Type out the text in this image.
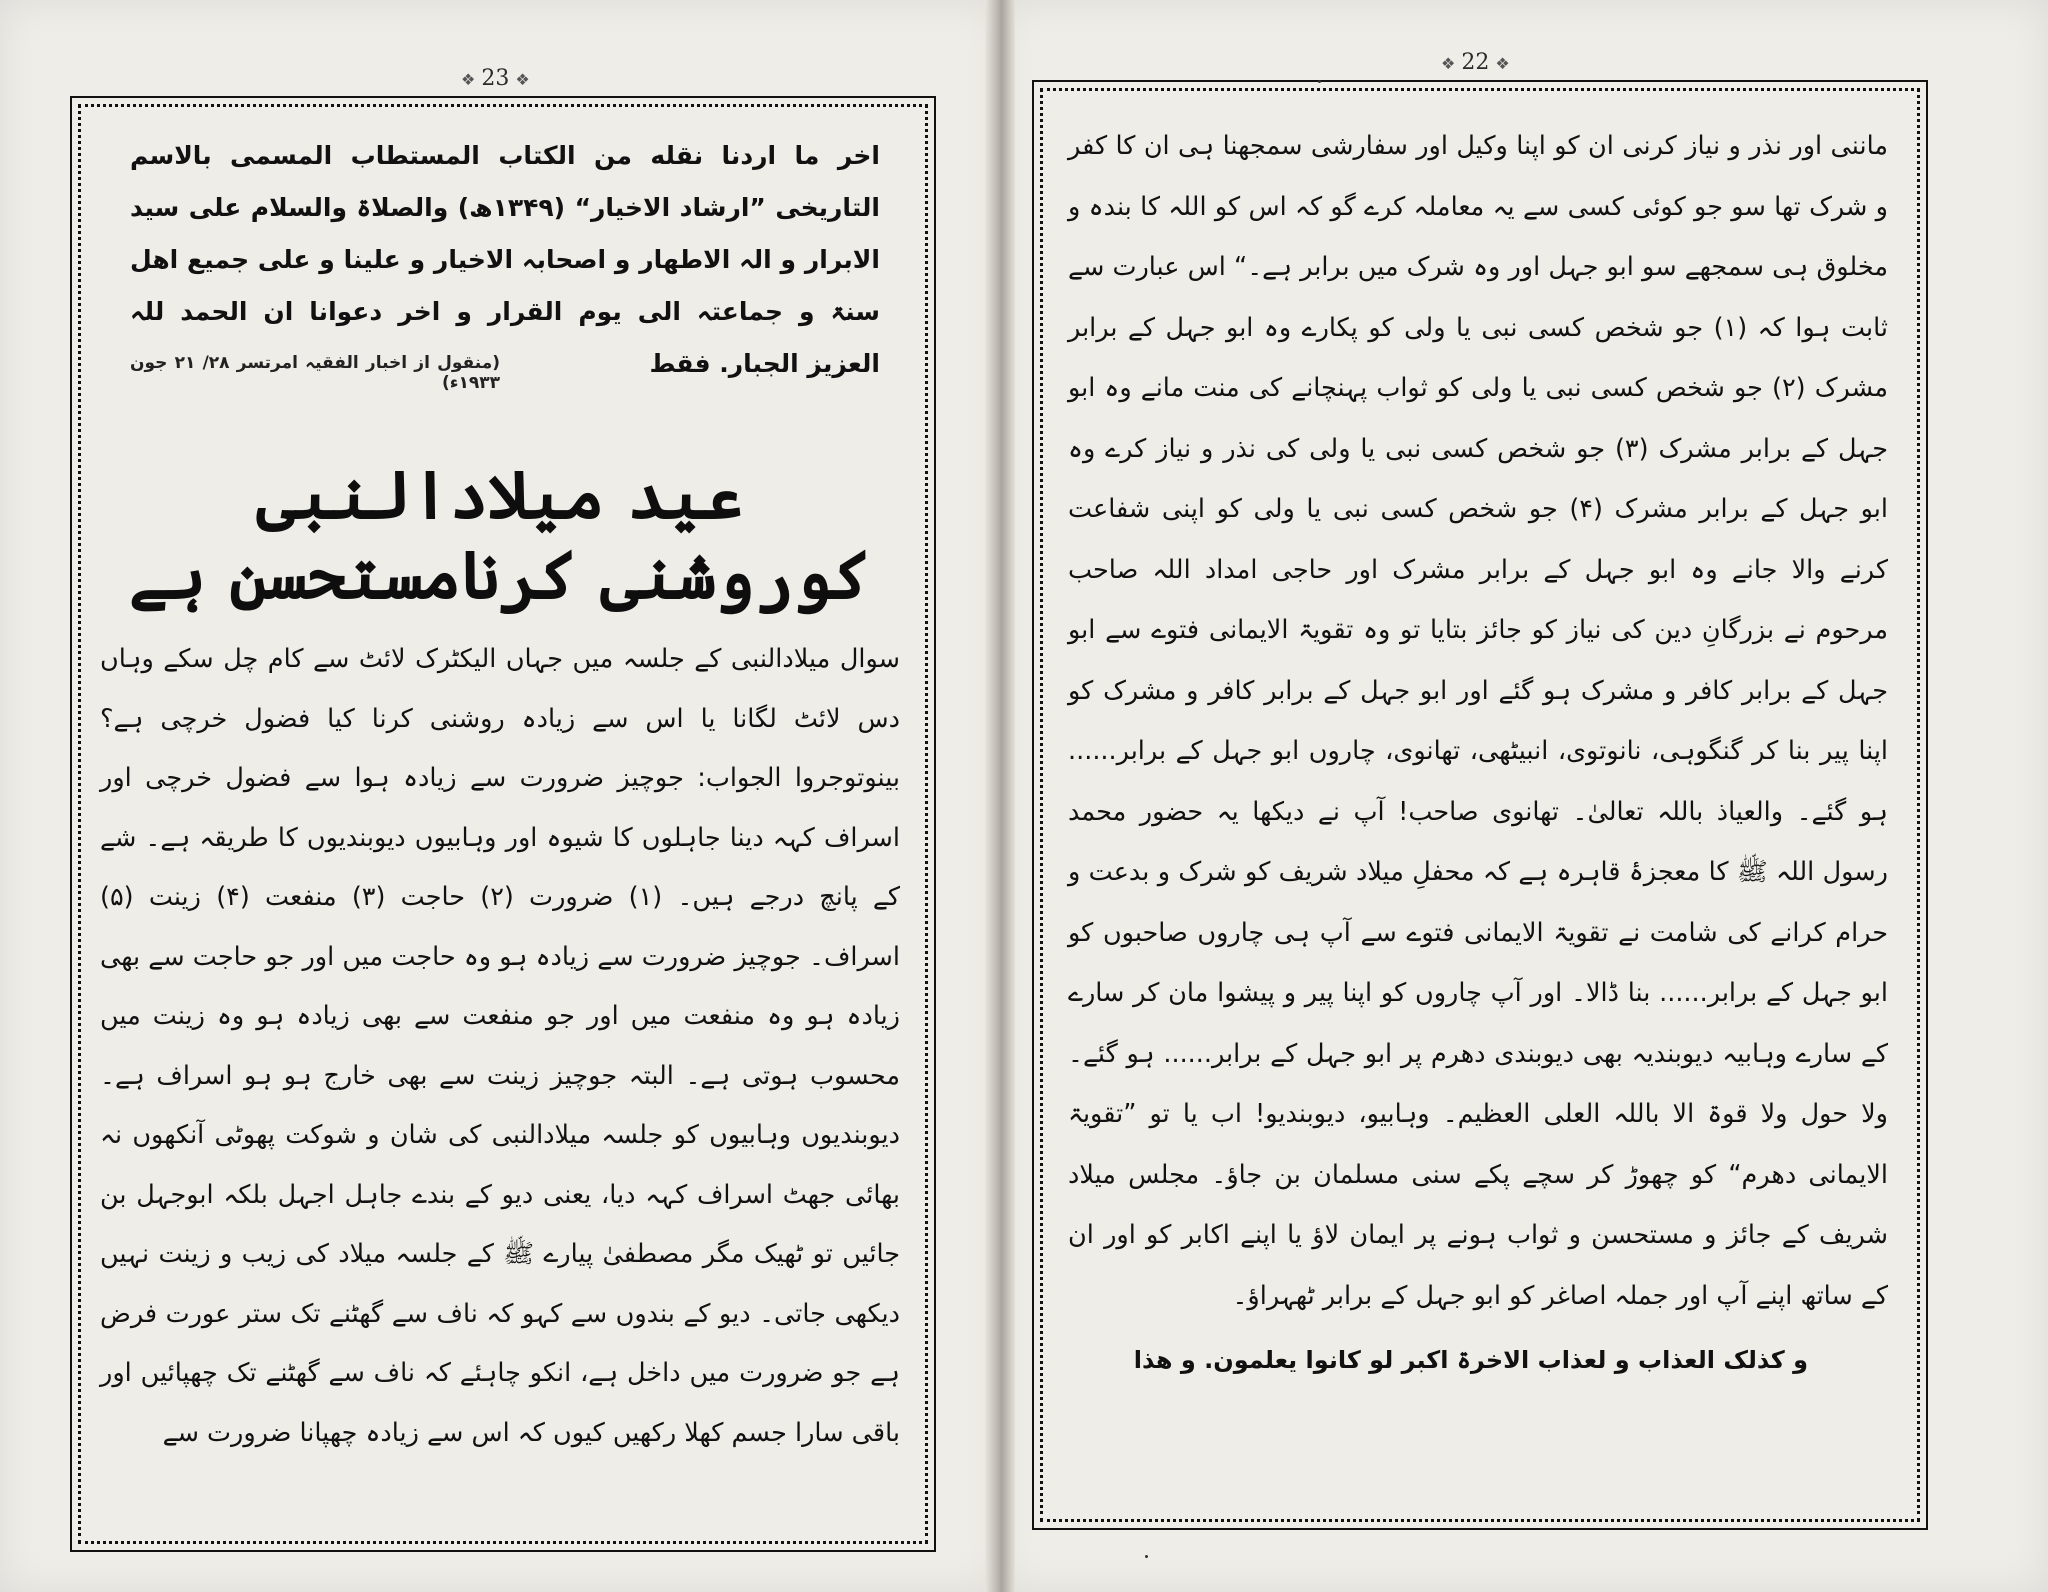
❖ 23 ❖
❖ 22 ❖

اخر ما اردنا نقله من الکتاب المستطاب المسمی بالاسم التاریخی ”ارشاد الاخیار“ (۱۳۴۹ھ) والصلاۃ والسلام علی سید الابرار و الہ الاطھار و اصحابہ الاخیار و علینا و علی جمیع اھل سنۃ و جماعتہ الی یوم القرار و اخر دعوانا ان الحمد للہ العزیز الجبار. فقط

(منقول از اخبار الفقیہ امرتسر ۲۸/ ۲۱ جون ۱۹۳۳ء)
عید میلادالنبی کوروشنی کرنامستحسن ہے

سوال میلادالنبی کے جلسہ میں جہاں الیکٹرک لائٹ سے کام چل سکے وہاں دس لائٹ لگانا یا اس سے زیادہ روشنی کرنا کیا فضول خرچی ہے؟ بینوتوجروا الجواب: جوچیز ضرورت سے زیادہ ہوا سے فضول خرچی اور اسراف کہہ دینا جاہلوں کا شیوہ اور وہابیوں دیوبندیوں کا طریقہ ہے۔ شے کے پانچ درجے ہیں۔ (۱) ضرورت (۲) حاجت (۳) منفعت (۴) زینت (۵) اسراف۔ جوچیز ضرورت سے زیادہ ہو وہ حاجت میں اور جو حاجت سے بھی زیادہ ہو وہ منفعت میں اور جو منفعت سے بھی زیادہ ہو وہ زینت میں محسوب ہوتی ہے۔ البتہ جوچیز زینت سے بھی خارج ہو ہو اسراف ہے۔ دیوبندیوں وہابیوں کو جلسہ میلادالنبی کی شان و شوکت پھوٹی آنکھوں نہ بھائی جھٹ اسراف کہہ دیا، یعنی دیو کے بندے جاہل اجہل بلکہ ابوجہل بن جائیں تو ٹھیک مگر مصطفیٰ پیارے ﷺ کے جلسہ میلاد کی زیب و زینت نہیں دیکھی جاتی۔ دیو کے بندوں سے کہو کہ ناف سے گھٹنے تک ستر عورت فرض ہے جو ضرورت میں داخل ہے، انکو چاہئے کہ ناف سے گھٹنے تک چھپائیں اور باقی سارا جسم کھلا رکھیں کیوں کہ اس سے زیادہ چھپانا ضرورت سے

ماننی اور نذر و نیاز کرنی ان کو اپنا وکیل اور سفارشی سمجھنا ہی ان کا کفر و شرک تھا سو جو کوئی کسی سے یہ معاملہ کرے گو کہ اس کو اللہ کا بندہ و مخلوق ہی سمجھے سو ابو جہل اور وہ شرک میں برابر ہے۔“ اس عبارت سے ثابت ہوا کہ (۱) جو شخص کسی نبی یا ولی کو پکارے وہ ابو جہل کے برابر مشرک (۲) جو شخص کسی نبی یا ولی کو ثواب پہنچانے کی منت مانے وہ ابو جہل کے برابر مشرک (۳) جو شخص کسی نبی یا ولی کی نذر و نیاز کرے وہ ابو جہل کے برابر مشرک (۴) جو شخص کسی نبی یا ولی کو اپنی شفاعت کرنے والا جانے وہ ابو جہل کے برابر مشرک اور حاجی امداد اللہ صاحب مرحوم نے بزرگانِ دین کی نیاز کو جائز بتایا تو وہ تقویۃ الایمانی فتوے سے ابو جہل کے برابر کافر و مشرک ہو گئے اور ابو جہل کے برابر کافر و مشرک کو اپنا پیر بنا کر گنگوہی، نانوتوی، انبیٹھی، تھانوی، چاروں ابو جہل کے برابر...... ہو گئے۔ والعیاذ باللہ تعالیٰ۔ تھانوی صاحب! آپ نے دیکھا یہ حضور محمد رسول اللہ ﷺ کا معجزۂ قاہرہ ہے کہ محفلِ میلاد شریف کو شرک و بدعت و حرام کرانے کی شامت نے تقویۃ الایمانی فتوے سے آپ ہی چاروں صاحبوں کو ابو جہل کے برابر...... بنا ڈالا۔ اور آپ چاروں کو اپنا پیر و پیشوا مان کر سارے کے سارے وہابیہ دیوبندیہ بھی دیوبندی دھرم پر ابو جہل کے برابر...... ہو گئے۔ ولا حول ولا قوۃ الا باللہ العلی العظیم۔ وہابیو، دیوبندیو! اب یا تو ”تقویۃ الایمانی دھرم“ کو چھوڑ کر سچے پکے سنی مسلمان بن جاؤ۔ مجلس میلاد شریف کے جائز و مستحسن و ثواب ہونے پر ایمان لاؤ یا اپنے اکابر کو اور ان کے ساتھ اپنے آپ اور جملہ اصاغر کو ابو جہل کے برابر ٹھہراؤ۔

و کذلک العذاب و لعذاب الاخرۃ اکبر لو کانوا یعلمون. و ھذا
